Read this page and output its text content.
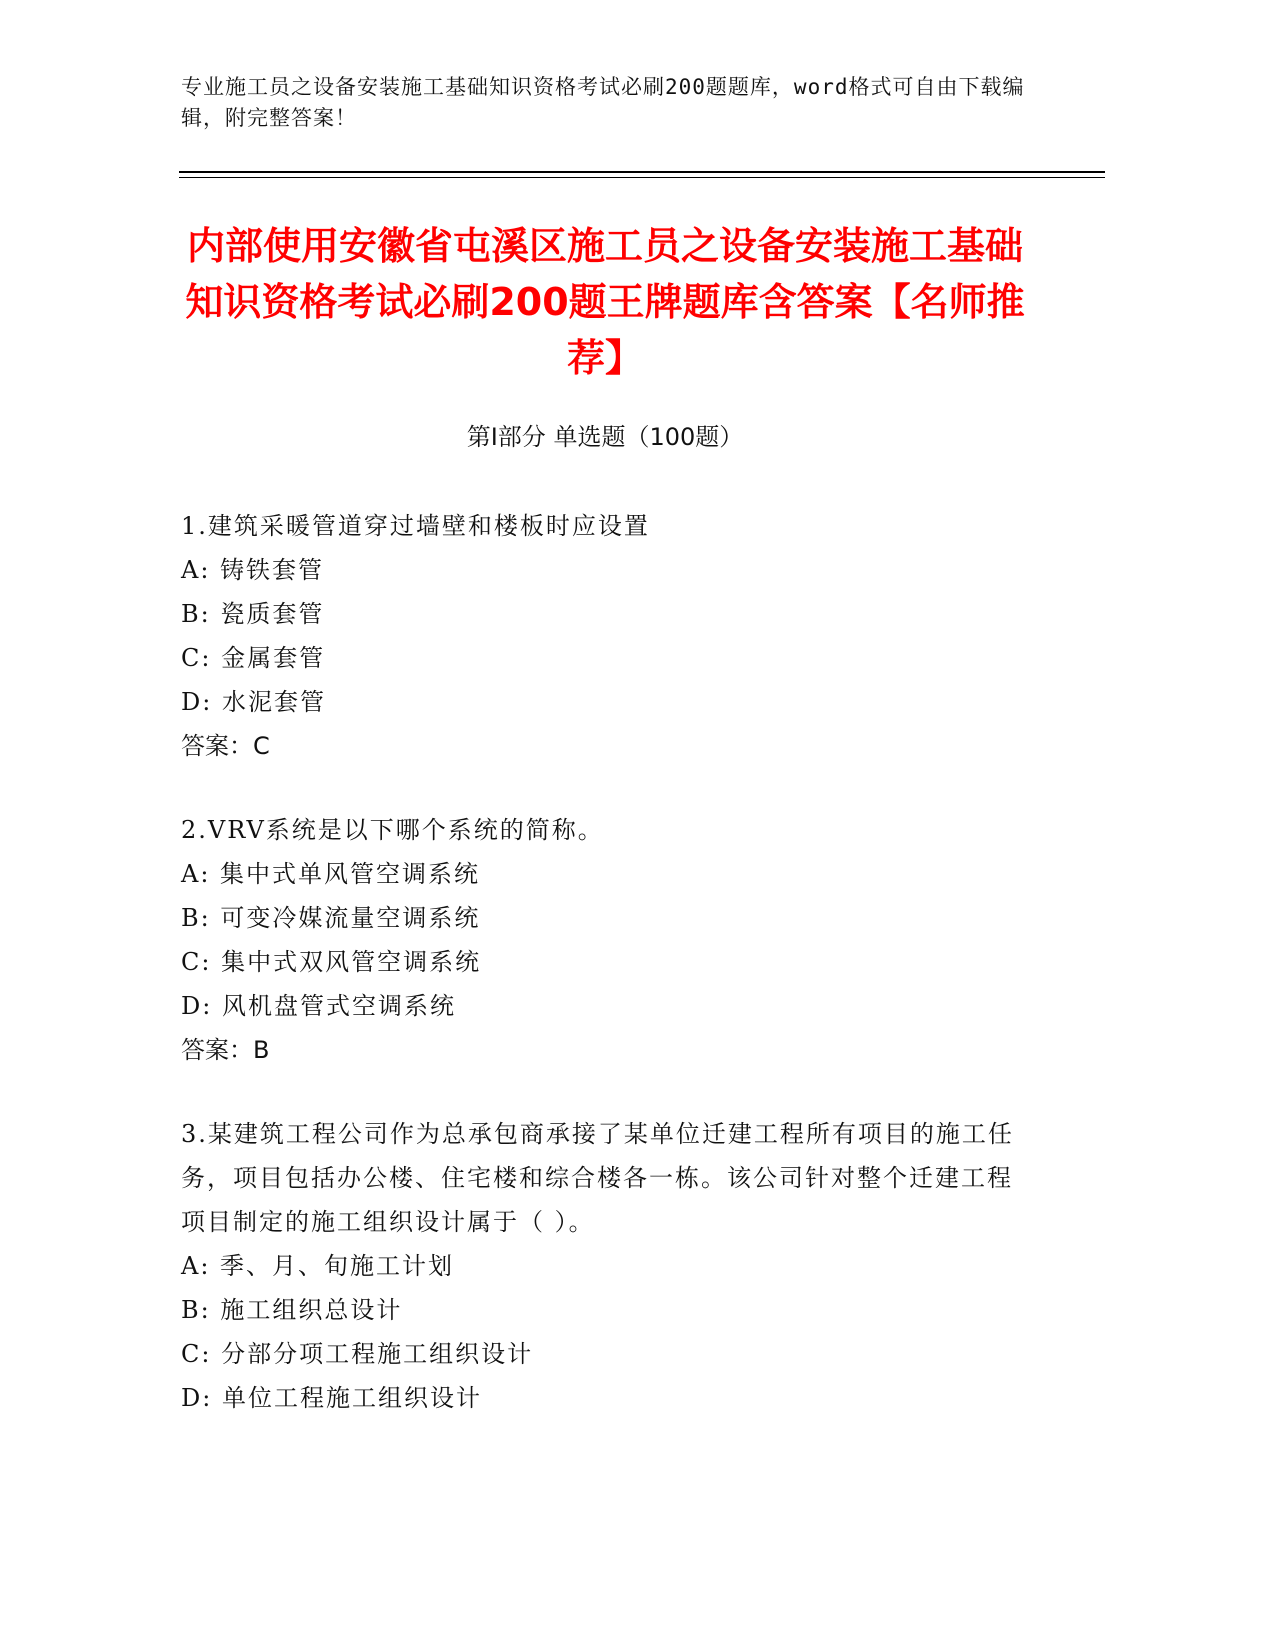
专业施工员之设备安装施工基础知识资格考试必刷200题题库，word格式可自由下载编辑，附完整答案！
内部使用安徽省屯溪区施工员之设备安装施工基础知识资格考试必刷200题王牌题库含答案【名师推荐】
第Ⅰ部分 单选题（100题）
1.建筑采暖管道穿过墙壁和楼板时应设置
A: 铸铁套管
B: 瓷质套管
C: 金属套管
D: 水泥套管
答案：C
2.VRV系统是以下哪个系统的简称。
A: 集中式单风管空调系统
B: 可变冷媒流量空调系统
C: 集中式双风管空调系统
D: 风机盘管式空调系统
答案：B
3.某建筑工程公司作为总承包商承接了某单位迁建工程所有项目的施工任务，项目包括办公楼、住宅楼和综合楼各一栋。该公司针对整个迁建工程项目制定的施工组织设计属于（ ）。
A: 季、月、旬施工计划
B: 施工组织总设计
C: 分部分项工程施工组织设计
D: 单位工程施工组织设计
